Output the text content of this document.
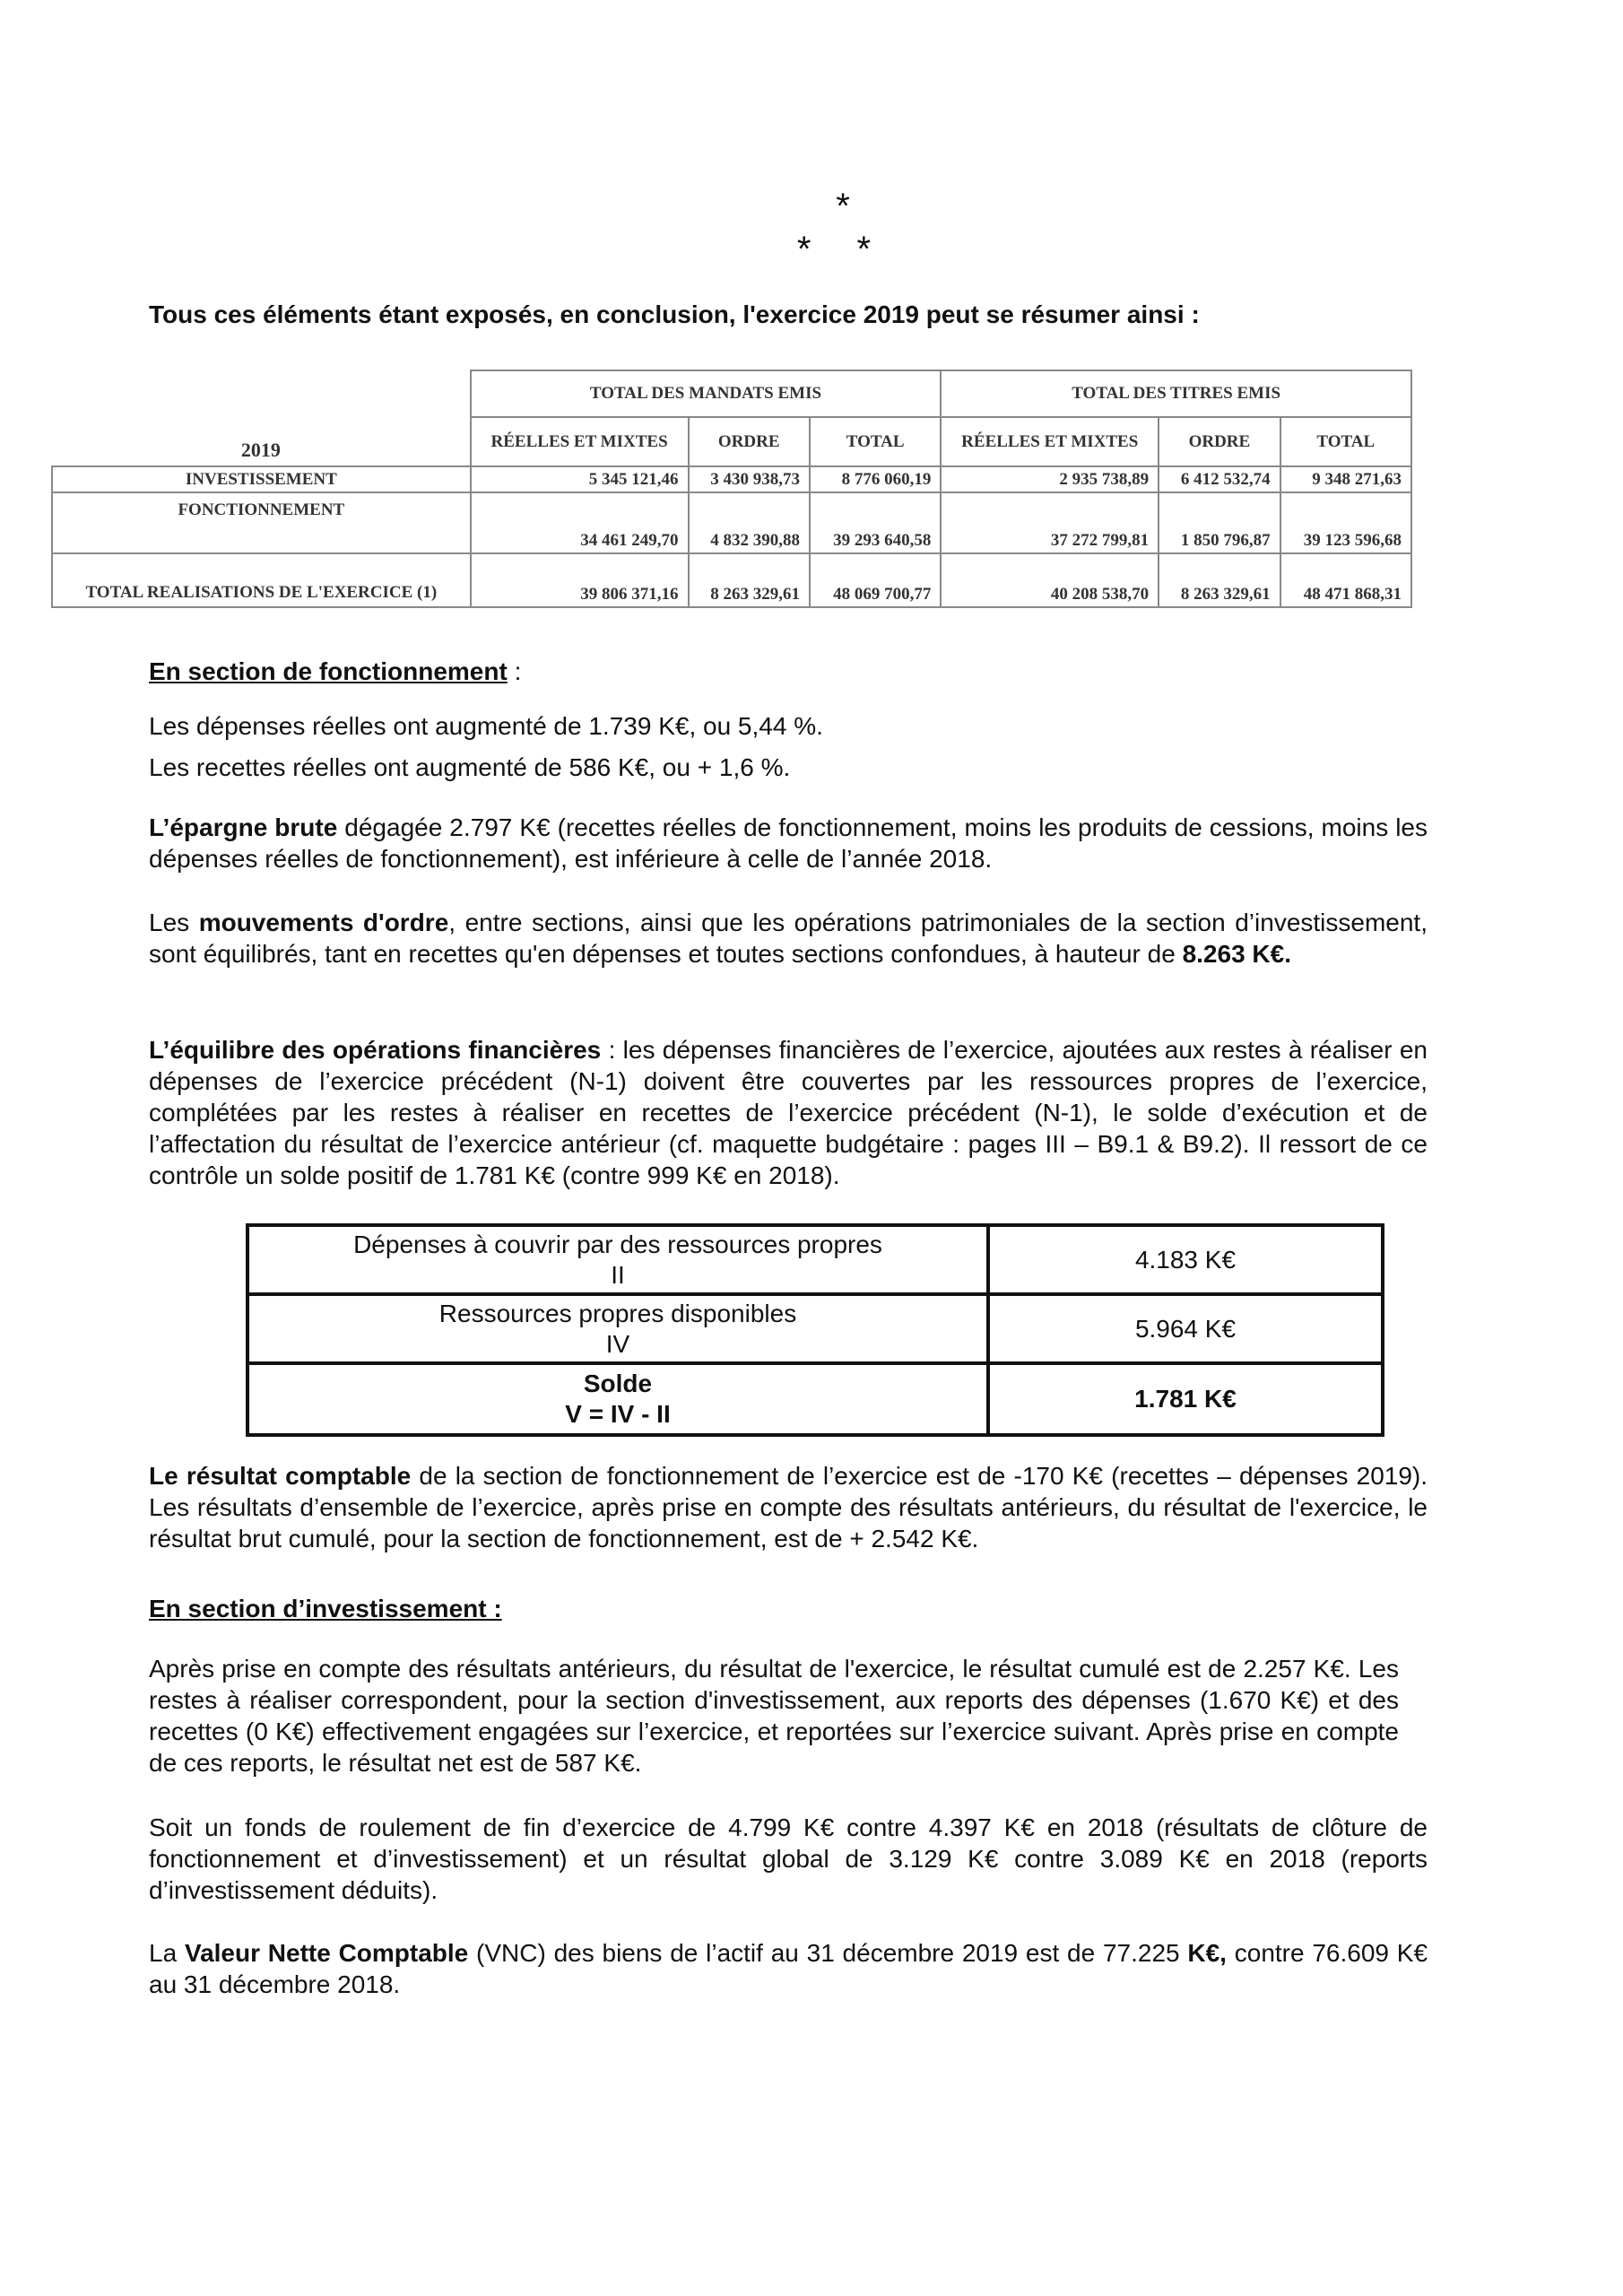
*
* *
Tous ces éléments étant exposés, en conclusion, l'exercice 2019 peut se résumer ainsi :
	TOTAL DES MANDATS EMIS			TOTAL DES TITRES EMIS		
2019	RÉELLES ET MIXTES	ORDRE	TOTAL	RÉELLES ET MIXTES	ORDRE	TOTAL
INVESTISSEMENT	5 345 121,46	3 430 938,73	8 776 060,19	2 935 738,89	6 412 532,74	9 348 271,63
FONCTIONNEMENT	34 461 249,70	4 832 390,88	39 293 640,58	37 272 799,81	1 850 796,87	39 123 596,68
TOTAL REALISATIONS DE L'EXERCICE (1)	39 806 371,16	8 263 329,61	48 069 700,77	40 208 538,70	8 263 329,61	48 471 868,31
En section de fonctionnement :
Les dépenses réelles ont augmenté de 1.739 K€, ou 5,44 %.
Les recettes réelles ont augmenté de 586 K€, ou + 1,6 %.

L’épargne brute dégagée 2.797 K€ (recettes réelles de fonctionnement, moins les produits de cessions, moins les dépenses réelles de fonctionnement), est inférieure à celle de l’année 2018.

Les mouvements d'ordre, entre sections, ainsi que les opérations patrimoniales de la section d’investissement, sont équilibrés, tant en recettes qu'en dépenses et toutes sections confondues, à hauteur de 8.263 K€.

L’équilibre des opérations financières : les dépenses financières de l’exercice, ajoutées aux restes à réaliser en dépenses de l’exercice précédent (N-1) doivent être couvertes par les ressources propres de l’exercice, complétées par les restes à réaliser en recettes de l’exercice précédent (N-1), le solde d’exécution et de l’affectation du résultat de l’exercice antérieur (cf. maquette budgétaire : pages III – B9.1 & B9.2). Il ressort de ce contrôle un solde positif de 1.781 K€ (contre 999 K€ en 2018).

Dépenses à couvrir par des ressources propres
II	4.183 K€

Ressources propres disponibles
IV	5.964 K€

Solde
V = IV - II	1.781 K€

Le résultat comptable de la section de fonctionnement de l’exercice est de -170 K€ (recettes – dépenses 2019). Les résultats d’ensemble de l’exercice, après prise en compte des résultats antérieurs, du résultat de l'exercice, le résultat brut cumulé, pour la section de fonctionnement, est de + 2.542 K€.

En section d’investissement :

Après prise en compte des résultats antérieurs, du résultat de l'exercice, le résultat cumulé est de 2.257 K€. Les restes à réaliser correspondent, pour la section d'investissement, aux reports des dépenses (1.670 K€) et des recettes (0 K€) effectivement engagées sur l’exercice, et reportées sur l’exercice suivant. Après prise en compte de ces reports, le résultat net est de 587 K€.

Soit un fonds de roulement de fin d’exercice de 4.799 K€ contre 4.397 K€ en 2018 (résultats de clôture de fonctionnement et d’investissement) et un résultat global de 3.129 K€ contre 3.089 K€ en 2018 (reports d’investissement déduits).

La Valeur Nette Comptable (VNC) des biens de l’actif au 31 décembre 2019 est de 77.225 K€, contre 76.609 K€ au 31 décembre 2018.
